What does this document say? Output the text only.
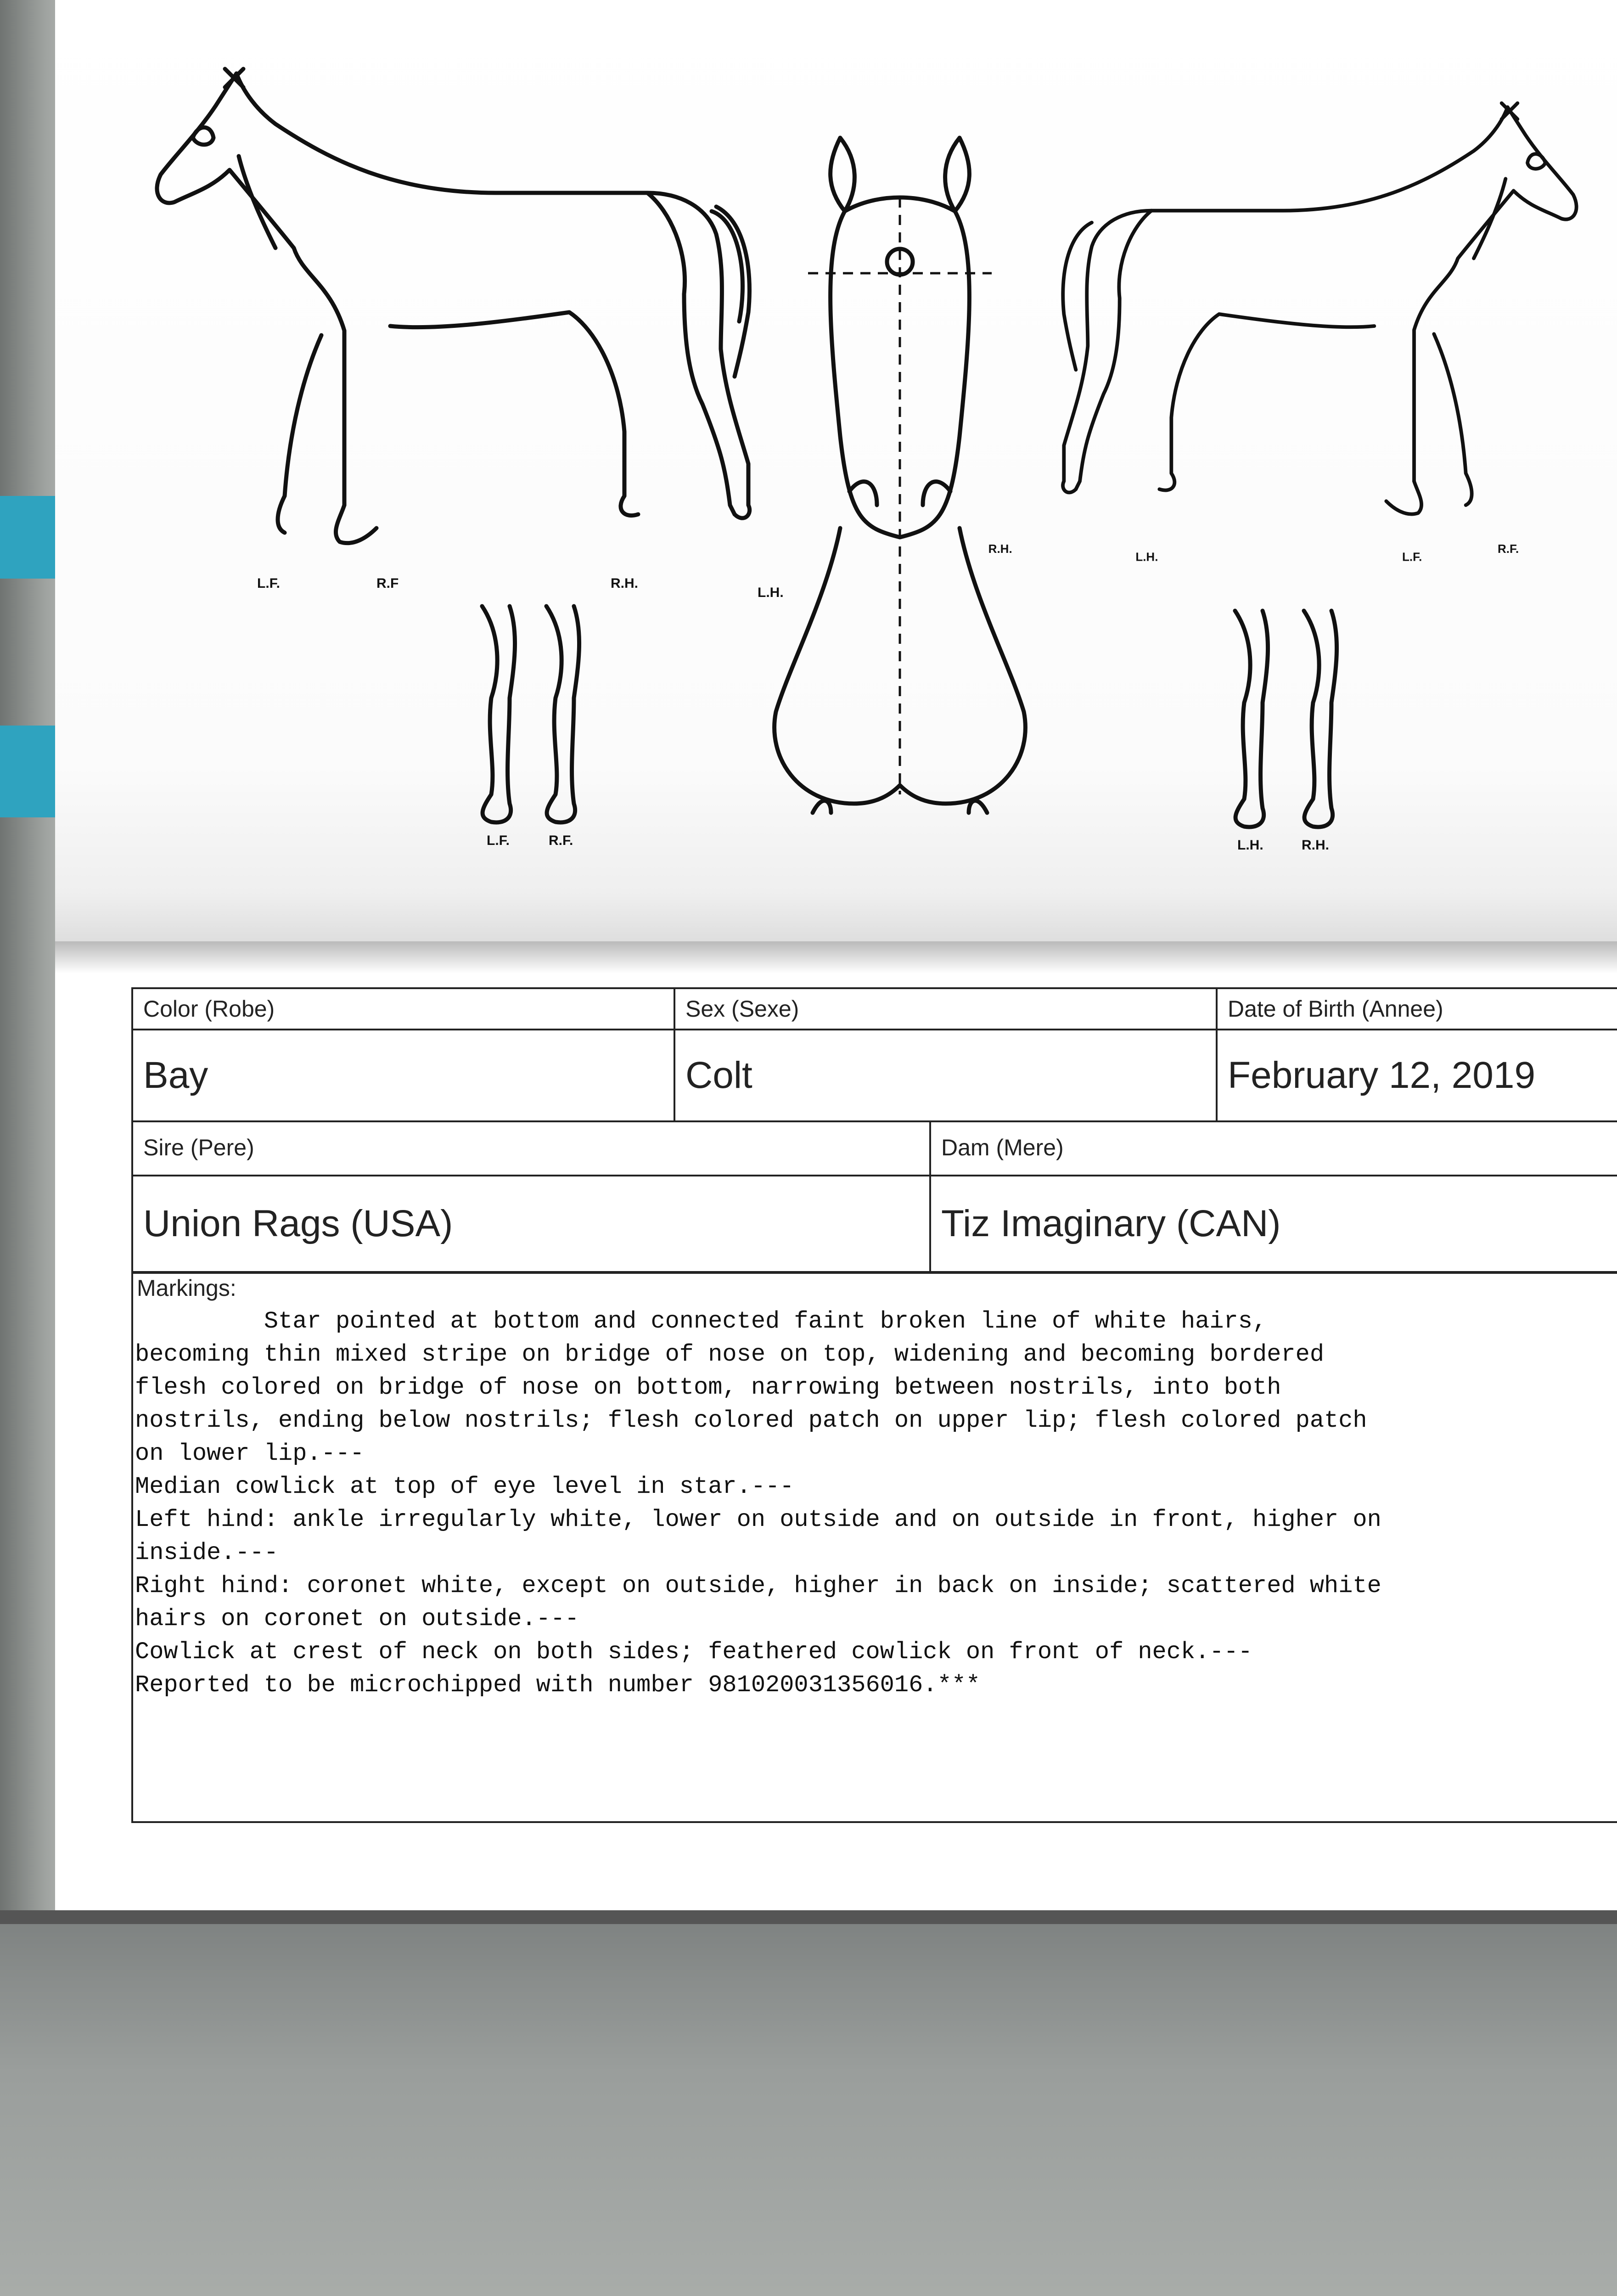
L.F.	R.F	R.H.
L.H.
R.H.
L.H.	L.F.
R.F.
L.F.	R.F.	L.H.	R.H.
Color (Robe)	Sex (Sexe)	Date of Birth (Annee)
Bay	Colt	February 12, 2019
Sire (Pere)	Dam (Mere)
Union Rags (USA)	Tiz Imaginary (CAN)
Markings:
Star pointed at bottom and connected faint broken line of white hairs,
becoming thin mixed stripe on bridge of nose on top, widening and becoming bordered
flesh colored on bridge of nose on bottom, narrowing between nostrils, into both
nostrils, ending below nostrils; flesh colored patch on upper lip; flesh colored patch
on lower lip.---
Median cowlick at top of eye level in star.---
Left hind: ankle irregularly white, lower on outside and on outside in front, higher on
inside.---
Right hind: coronet white, except on outside, higher in back on inside; scattered white
hairs on coronet on outside.---
Cowlick at crest of neck on both sides; feathered cowlick on front of neck.---
Reported to be microchipped with number 981020031356016.***
